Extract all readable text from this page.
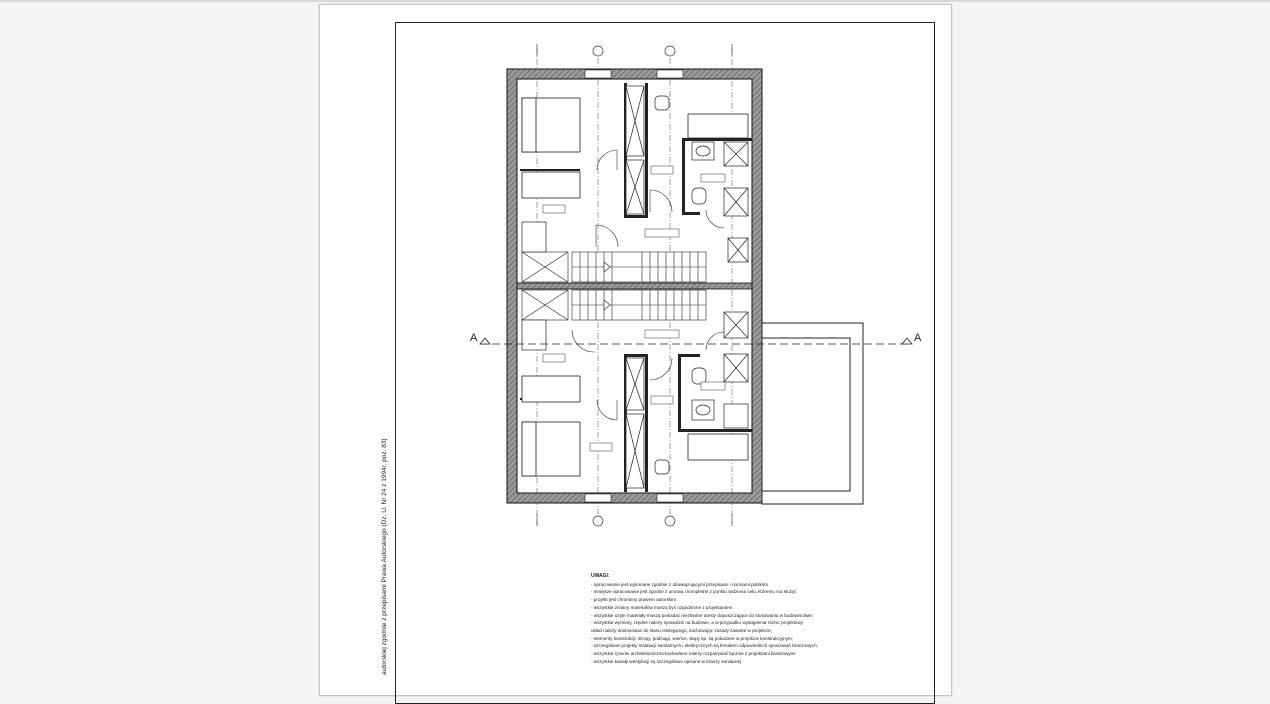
A	A
autorskiej zgodnie z przepisami Prawa Autorskiego (Dz. U. Nr 24 z 1994r. poz. 83)	UWAGI:
- opracowanie jest wykonane zgodnie z obowiązującymi przepisami i normami polskimi
- niniejsze opracowanie jest zgodne z umową i kompletne z punktu widzenia celu, któremu ma służyć
- projekt jest chroniony prawem autorskim
- wszystkie zmiany materiałów muszą być uzgodnione z projektantem
- wszystkie użyte materiały muszą posiadać niezbędne atesty dopuszczające do stosowania w budownictwie;
- wszystkie wymiary, rzędne należy sprawdzić na budowie, a w przypadku wystąpienia różnic projektowy
układ należy dostosować do stanu istniejącego, zachowując zasady zawarte w projekcie;
- elementy konstrukcji: stropy, podciągi, wieńce, słupy itp. są pokazane w projekcie konstrukcyjnym;
- szczegółowe projekty instalacji sanitarnych i elektrycznych są tematem odpowiednich opracowań branżowych;
- wszystkie rysunki architektoniczno-budowlane należy rozpatrywać łącznie z projektami branżowymi
- wszystkie kanały wentylacji są szczegółowo opisane w branży sanitarnej
